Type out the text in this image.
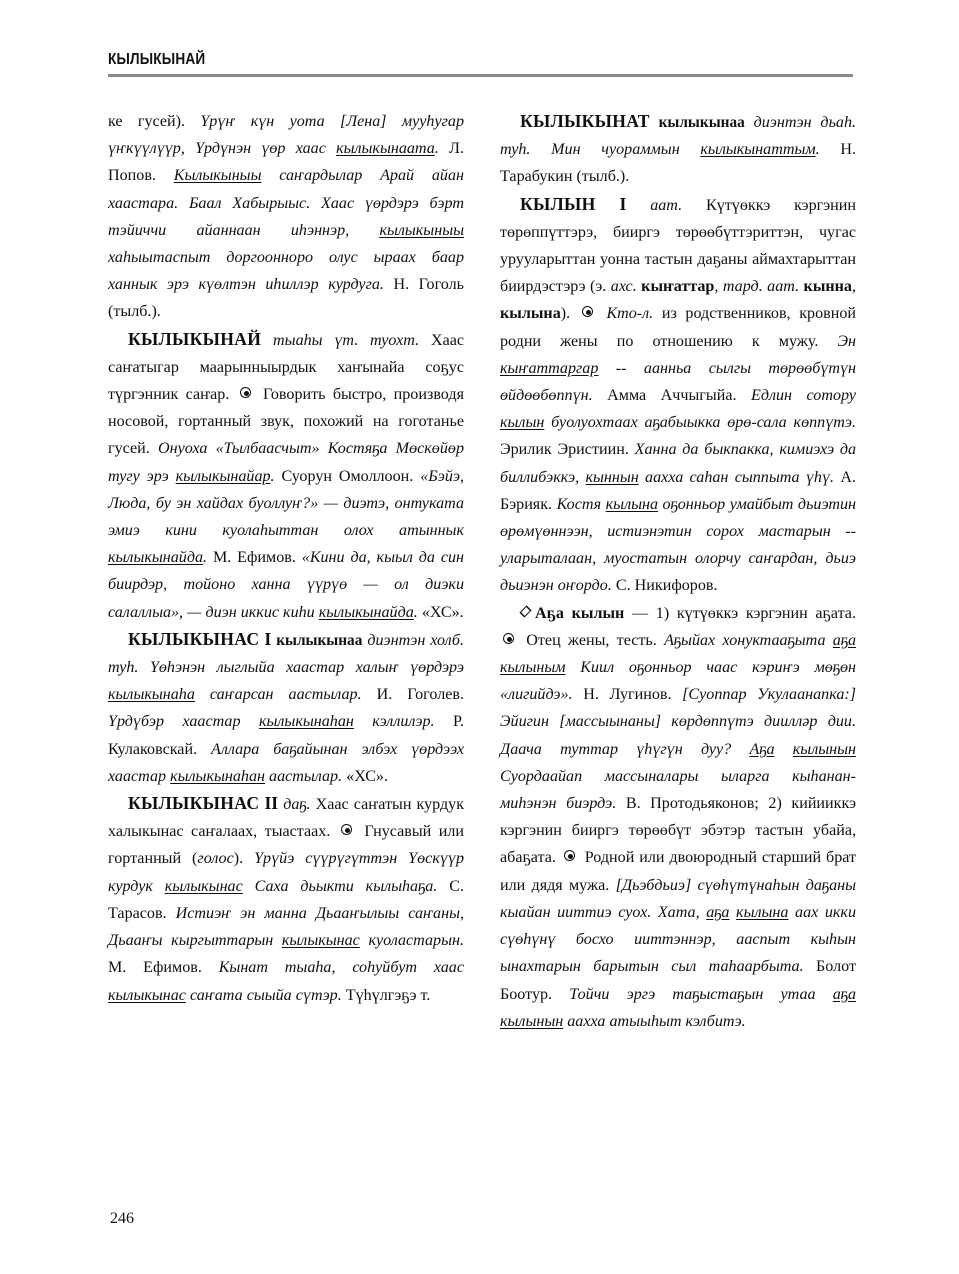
КЫЛЫКЫНАЙ

ке гусей). Үрүҥ күн уота [Лена] мууһугар үҥкүүлүүр, Үрдүнэн үөр хаас кылыкынаата. Л. Попов. Кылыкыныы саҥардылар Арай айан хаастара. Баал Хабырыыс. Хаас үөрдэрэ бэрт тэйиччи айаннаан иһэннэр, кылыкыныы хаһыытаспыт доргоонноро олус ыраах баар ханнык эрэ күөлтэн иһиллэр курдуга. Н. Гоголь (тылб.).

КЫЛЫКЫНАЙ тыаһы үт. туохт. Хаас саҥатыгар маарынныырдык хаҥынайа соҕус түргэнник саҥар. Говорить быстро, производя носовой, гортанный звук, похожий на гоготанье гусей. Онуоха «Тылбаасчыт» Костяҕа Мөскөйөр тугу эрэ кылыкынайар. Суорун Омоллоон. «Бэйэ, Люда, бу эн хайдах буоллуҥ?» — диэтэ, онтуката эмиэ кини куолаһыттан олох атыннык кылыкынайда. М. Ефимов. «Кини да, кыыл да син биирдэр, тойоно ханна үүрүө — ол диэки салаллыа», — диэн иккис киһи кылыкынайда. «ХС».

КЫЛЫКЫНАС I кылыкынаа диэнтэн холб. туһ. Үөһэнэн лыглыйа хаастар халыҥ үөрдэрэ кылыкынаһа саҥарсан аастылар. И. Гоголев. Үрдүбэр хаастар кылыкынаһан кэллилэр. Р. Кулаковскай. Аллара баҕайынан элбэх үөрдээх хаастар кылыкынаһан аастылар. «ХС».

КЫЛЫКЫНАС II даҕ. Хаас саҥатын курдук халыкынас саҥалаах, тыастаах. Гнусавый или гортанный (голос). Үрүйэ сүүрүгүттэн Үөскүүр курдук кылыкынас Саха дьыкти кылыһаҕа. С. Тарасов. Истиэҥ эн манна Дьааҥылыы саҥаны, Дьааҥы кыргыттарын кылыкынас куоластарын. М. Ефимов. Кынат тыаһа, соһуйбут хаас кылыкынас саҥата сыыйа сүтэр. Түһүлгэҕэ т.

КЫЛЫКЫНАТ кылыкынаа диэнтэн дьаһ. туһ. Мин чуораммын кылыкынаттым. Н. Тарабукин (тылб.).

КЫЛЫН I аат. Күтүөккэ кэргэнин төрөппүттэрэ, бииргэ төрөөбүттэриттэн, чугас урууларыттан уонна тастын даҕаны аймахтарыттан биирдэстэрэ (э. ахс. кыҥаттар, тард. аат. кынна, кылына). Кто-л. из родственников, кровной родни жены по отношению к мужу. Эн кыҥаттаргар -- аанньа сылгы төрөөбүтүн өйдөөбөппүн. Амма Аччыгыйа. Едлин сотору кылын буолуохтаах аҕабыыкка өрө-сала көппүтэ. Эрилик Эристиин. Ханна да быкпакка, кимиэхэ да биллибэккэ, кыннын аахха саһан сыппыта үһү. А. Бэрияк. Костя кылына оҕонньор умайбыт дьиэтин өрөмүөннээн, истиэнэтин сорох мастарын -- уларыталаан, муостатын олорчу саҥардан, дьиэ дьиэнэн оҥордо. С. Никифоров.

Аҕа кылын — 1) күтүөккэ кэргэнин аҕата.  Отец жены, тесть. Аҕыйах хонуктааҕыта аҕа кылыным Киил оҕонньор чаас кэриҥэ мөҕөн «лигийдэ». Н. Лугинов. [Суоппар Укулаанапка:] Эйигин [массыынаны] көрдөппүтэ диилләр дии. Даача туттар үһүгүн дуу? Аҕа кылынын Суордаайап массыналары ыларга кыһанан-миһэнэн биэрдэ. В. Протодьяконов; 2) кийииккэ кэргэнин бииргэ төрөөбүт эбэтэр тастын убайа, абаҕата. Родной или двоюродный старший брат или дядя мужа. [Дьэбдьиэ] сүөһүтүнаһын даҕаны кыайан ииттиэ суох. Хата, аҕа кылына аах икки сүөһүнү босхо ииттэннэр, ааспыт кыһын ынахтарын барытын сыл таһаарбыта. Болот Боотур. Тойчи эргэ таҕыстаҕын утаа аҕа кылынын аахха атыыһыт кэлбитэ.

246
